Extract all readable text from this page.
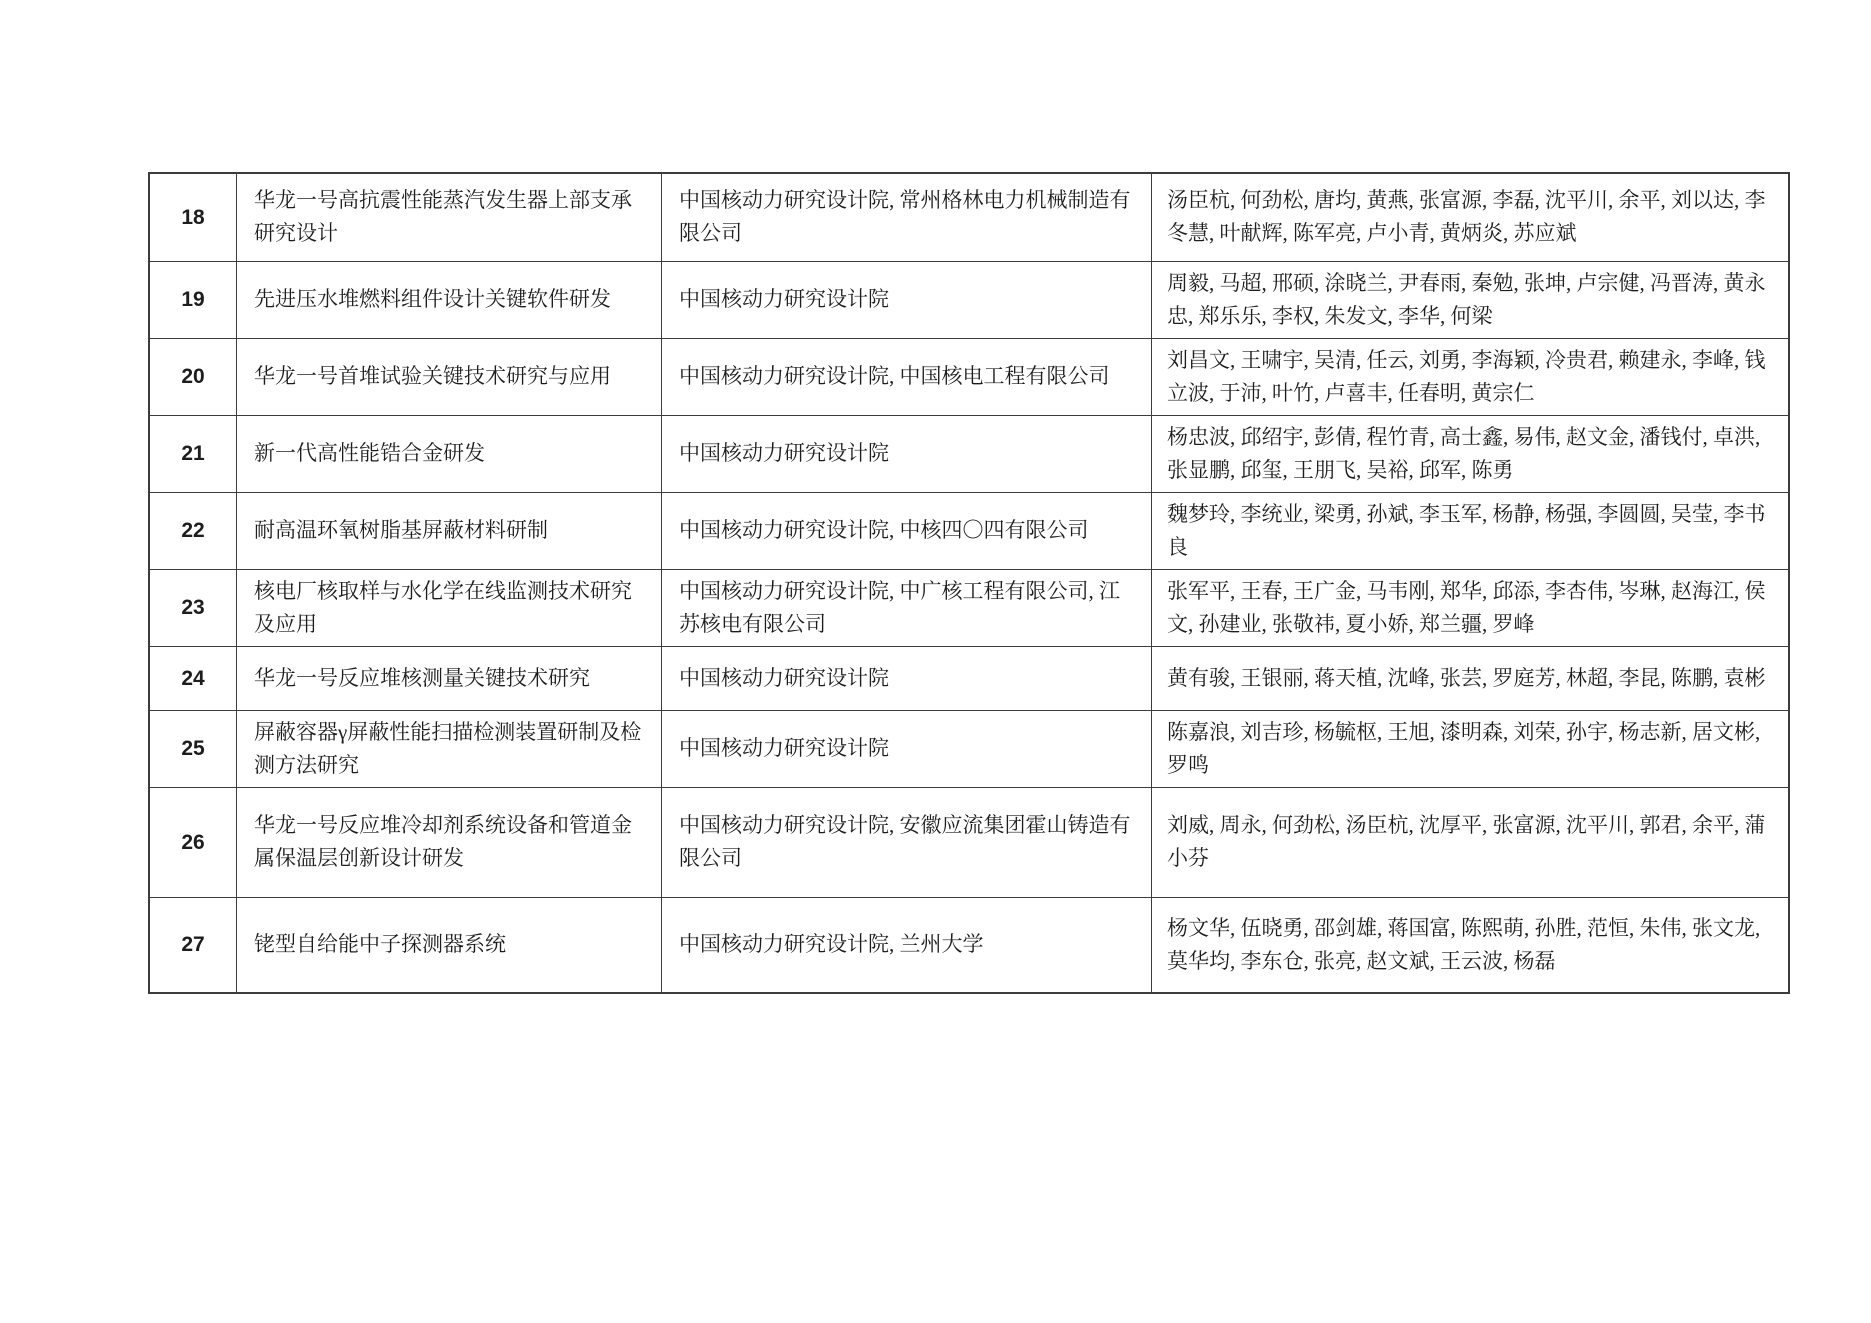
18	华龙一号高抗震性能蒸汽发生器上部支承研究设计	中国核动力研究设计院, 常州格林电力机械制造有限公司	汤臣杭, 何劲松, 唐均, 黄燕, 张富源, 李磊, 沈平川, 余平, 刘以达, 李冬慧, 叶献辉, 陈军亮, 卢小青, 黄炳炎, 苏应斌
19	先进压水堆燃料组件设计关键软件研发	中国核动力研究设计院	周毅, 马超, 邢硕, 涂晓兰, 尹春雨, 秦勉, 张坤, 卢宗健, 冯晋涛, 黄永忠, 郑乐乐, 李权, 朱发文, 李华, 何梁
20	华龙一号首堆试验关键技术研究与应用	中国核动力研究设计院, 中国核电工程有限公司	刘昌文, 王啸宇, 吴清, 任云, 刘勇, 李海颖, 冷贵君, 赖建永, 李峰, 钱立波, 于沛, 叶竹, 卢喜丰, 任春明, 黄宗仁
21	新一代高性能锆合金研发	中国核动力研究设计院	杨忠波, 邱绍宇, 彭倩, 程竹青, 高士鑫, 易伟, 赵文金, 潘钱付, 卓洪, 张显鹏, 邱玺, 王朋飞, 吴裕, 邱军, 陈勇
22	耐高温环氧树脂基屏蔽材料研制	中国核动力研究设计院, 中核四〇四有限公司	魏梦玲, 李统业, 梁勇, 孙斌, 李玉军, 杨静, 杨强, 李圆圆, 吴莹, 李书良
23	核电厂核取样与水化学在线监测技术研究及应用	中国核动力研究设计院, 中广核工程有限公司, 江苏核电有限公司	张军平, 王春, 王广金, 马韦刚, 郑华, 邱添, 李杏伟, 岑琳, 赵海江, 侯文, 孙建业, 张敬祎, 夏小娇, 郑兰疆, 罗峰
24	华龙一号反应堆核测量关键技术研究	中国核动力研究设计院	黄有骏, 王银丽, 蒋天植, 沈峰, 张芸, 罗庭芳, 林超, 李昆, 陈鹏, 袁彬
25	屏蔽容器γ屏蔽性能扫描检测装置研制及检测方法研究	中国核动力研究设计院	陈嘉浪, 刘吉珍, 杨毓枢, 王旭, 漆明森, 刘荣, 孙宇, 杨志新, 居文彬, 罗鸣
26	华龙一号反应堆冷却剂系统设备和管道金属保温层创新设计研发	中国核动力研究设计院, 安徽应流集团霍山铸造有限公司	刘威, 周永, 何劲松, 汤臣杭, 沈厚平, 张富源, 沈平川, 郭君, 余平, 蒲小芬
27	铑型自给能中子探测器系统	中国核动力研究设计院, 兰州大学	杨文华, 伍晓勇, 邵剑雄, 蒋国富, 陈熙萌, 孙胜, 范恒, 朱伟, 张文龙, 莫华均, 李东仓, 张亮, 赵文斌, 王云波, 杨磊
